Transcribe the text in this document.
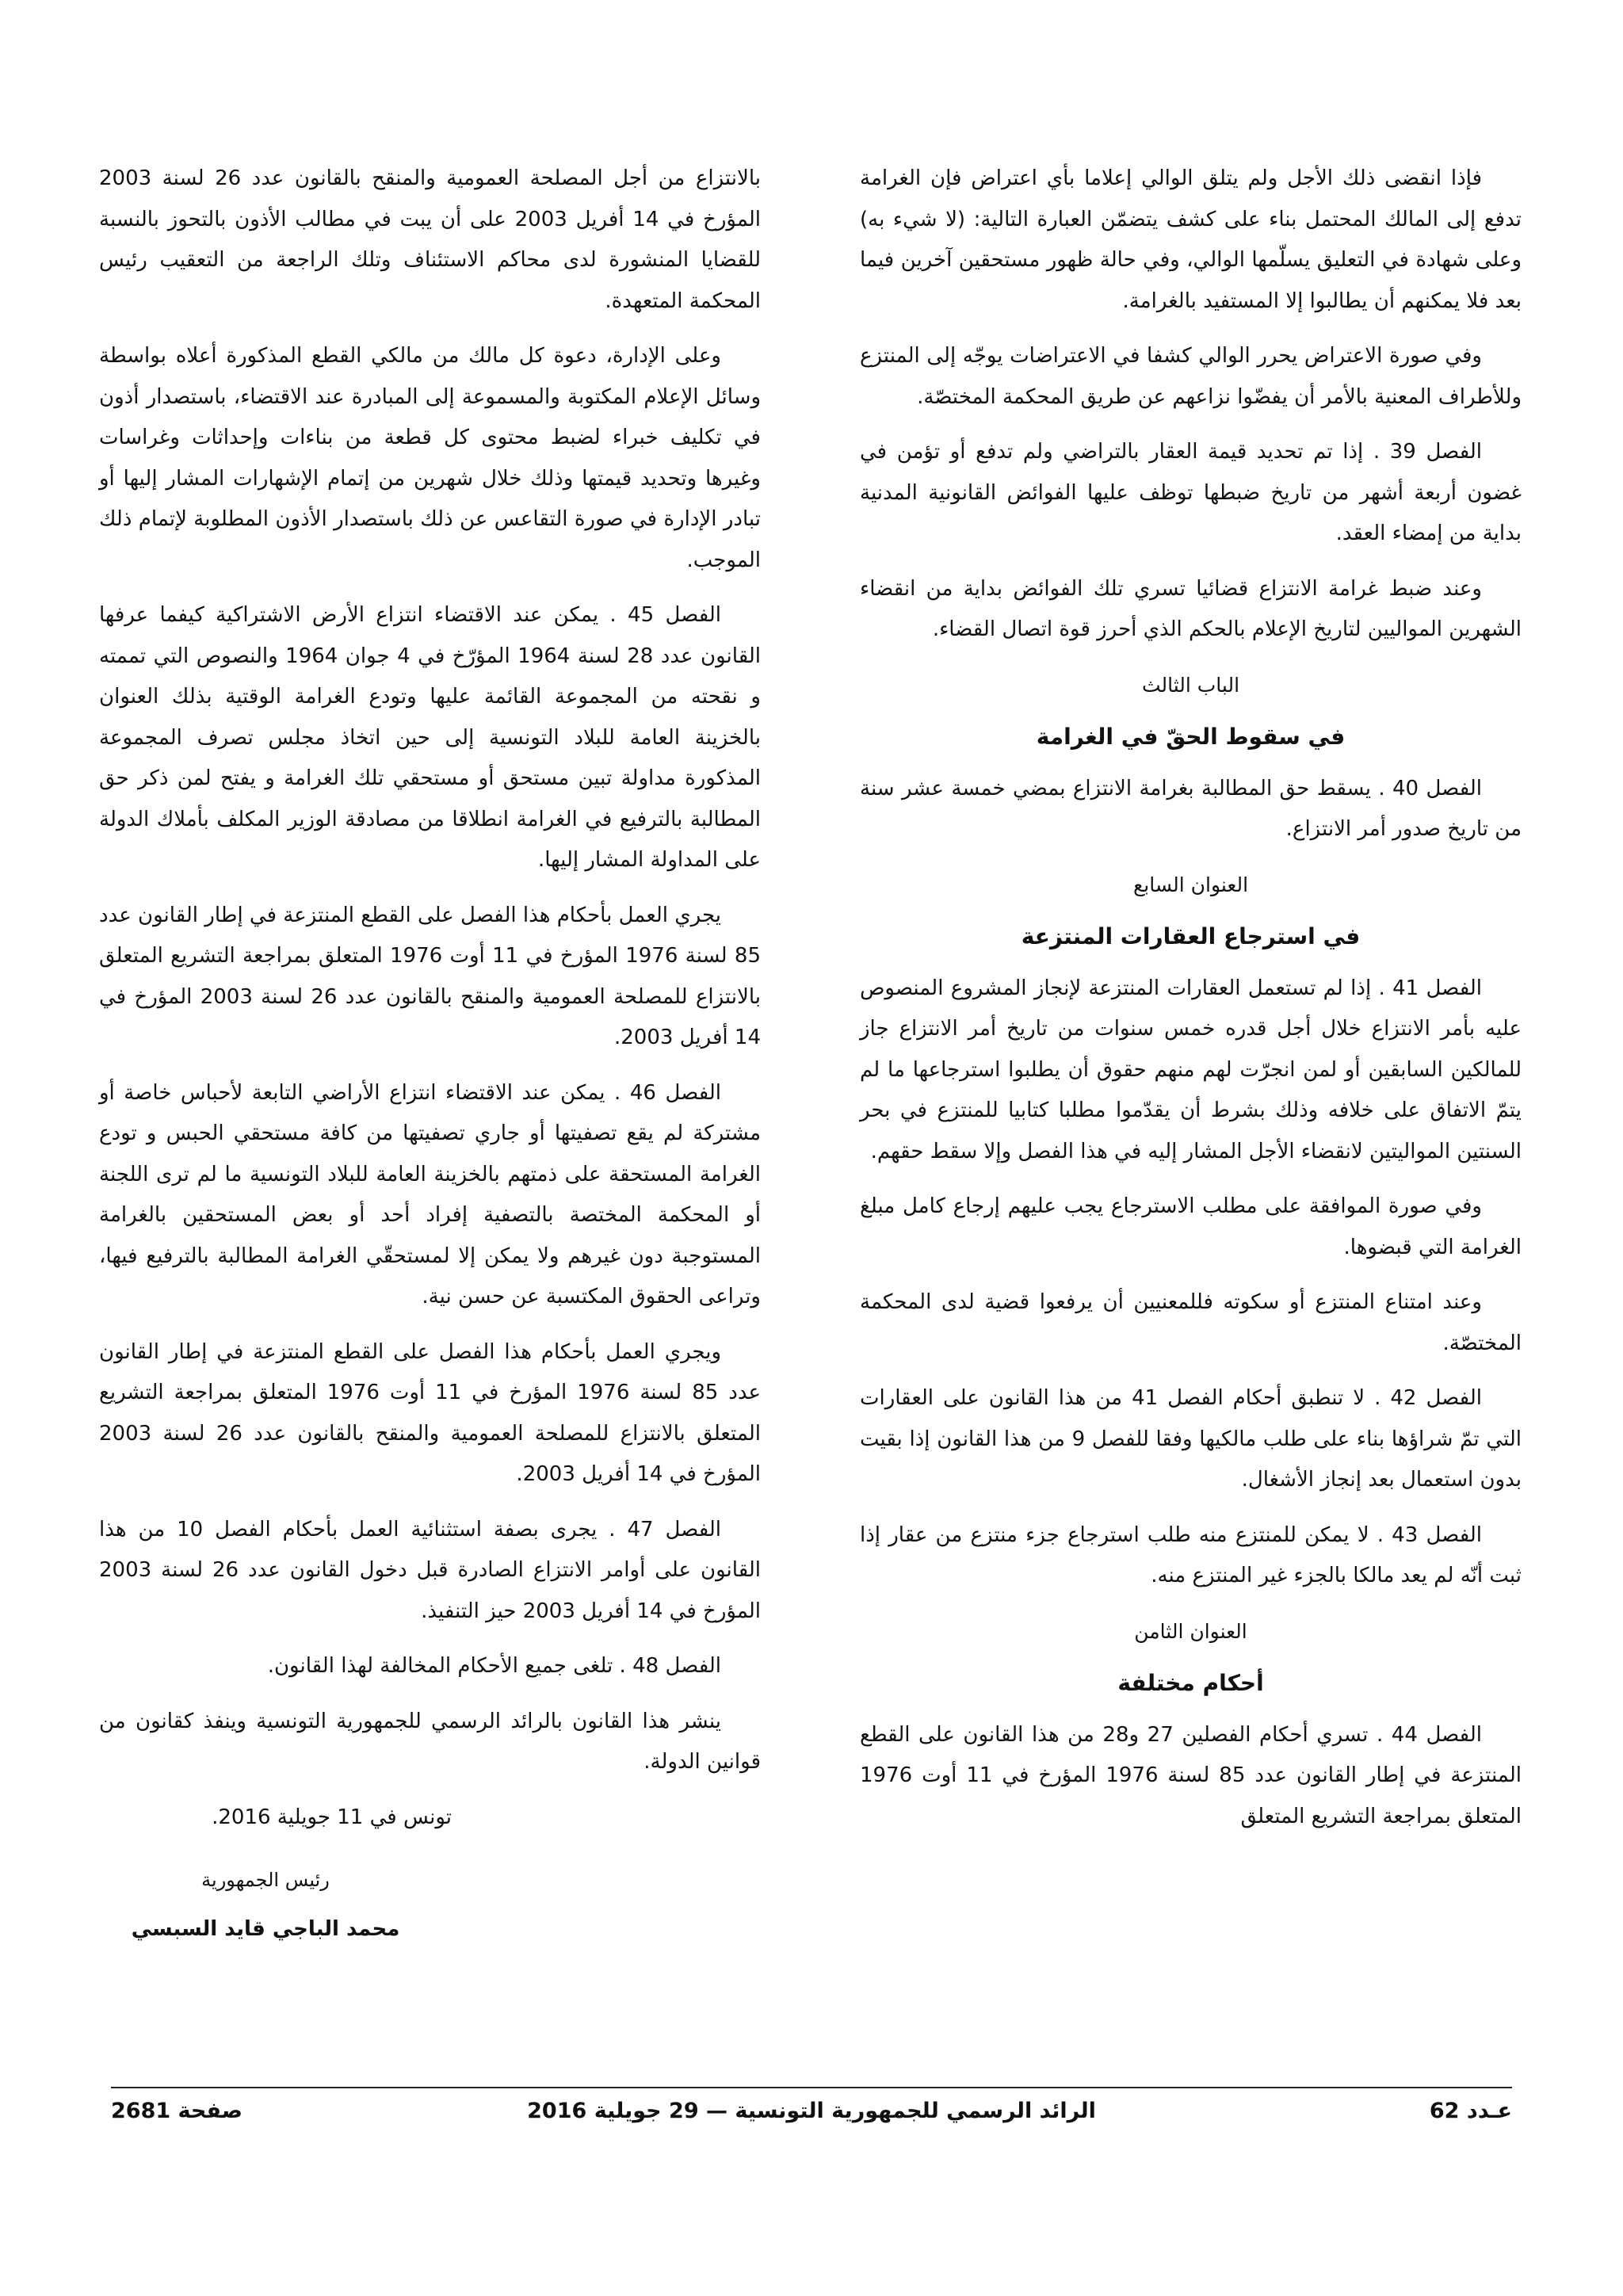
فإذا انقضى ذلك الأجل ولم يتلق الوالي إعلاما بأي اعتراض فإن الغرامة تدفع إلى المالك المحتمل بناء على كشف يتضمّن العبارة التالية: (لا شيء به) وعلى شهادة في التعليق يسلّمها الوالي، وفي حالة ظهور مستحقين آخرين فيما بعد فلا يمكنهم أن يطالبوا إلا المستفيد بالغرامة.

وفي صورة الاعتراض يحرر الوالي كشفا في الاعتراضات يوجّه إلى المنتزع وللأطراف المعنية بالأمر أن يفضّوا نزاعهم عن طريق المحكمة المختصّة.

الفصل 39 . إذا تم تحديد قيمة العقار بالتراضي ولم تدفع أو تؤمن في غضون أربعة أشهر من تاريخ ضبطها توظف عليها الفوائض القانونية المدنية بداية من إمضاء العقد.

وعند ضبط غرامة الانتزاع قضائيا تسري تلك الفوائض بداية من انقضاء الشهرين المواليين لتاريخ الإعلام بالحكم الذي أحرز قوة اتصال القضاء.

الباب الثالث

في سقوط الحقّ في الغرامة

الفصل 40 . يسقط حق المطالبة بغرامة الانتزاع بمضي خمسة عشر سنة من تاريخ صدور أمر الانتزاع.

العنوان السابع

في استرجاع العقارات المنتزعة

الفصل 41 . إذا لم تستعمل العقارات المنتزعة لإنجاز المشروع المنصوص عليه بأمر الانتزاع خلال أجل قدره خمس سنوات من تاريخ أمر الانتزاع جاز للمالكين السابقين أو لمن انجرّت لهم منهم حقوق أن يطلبوا استرجاعها ما لم يتمّ الاتفاق على خلافه وذلك بشرط أن يقدّموا مطلبا كتابيا للمنتزع في بحر السنتين المواليتين لانقضاء الأجل المشار إليه في هذا الفصل وإلا سقط حقهم.

وفي صورة الموافقة على مطلب الاسترجاع يجب عليهم إرجاع كامل مبلغ الغرامة التي قبضوها.

وعند امتناع المنتزع أو سكوته فللمعنيين أن يرفعوا قضية لدى المحكمة المختصّة.

الفصل 42 . لا تنطبق أحكام الفصل 41 من هذا القانون على العقارات التي تمّ شراؤها بناء على طلب مالكيها وفقا للفصل 9 من هذا القانون إذا بقيت بدون استعمال بعد إنجاز الأشغال.

الفصل 43 . لا يمكن للمنتزع منه طلب استرجاع جزء منتزع من عقار إذا ثبت أنّه لم يعد مالكا بالجزء غير المنتزع منه.

العنوان الثامن

أحكام مختلفة

الفصل 44 . تسري أحكام الفصلين 27 و28 من هذا القانون على القطع المنتزعة في إطار القانون عدد 85 لسنة 1976 المؤرخ في 11 أوت 1976 المتعلق بمراجعة التشريع المتعلق

بالانتزاع من أجل المصلحة العمومية والمنقح بالقانون عدد 26 لسنة 2003 المؤرخ في 14 أفريل 2003 على أن يبت في مطالب الأذون بالتحوز بالنسبة للقضايا المنشورة لدى محاكم الاستئناف وتلك الراجعة من التعقيب رئيس المحكمة المتعهدة.

وعلى الإدارة، دعوة كل مالك من مالكي القطع المذكورة أعلاه بواسطة وسائل الإعلام المكتوبة والمسموعة إلى المبادرة عند الاقتضاء، باستصدار أذون في تكليف خبراء لضبط محتوى كل قطعة من بناءات وإحداثات وغراسات وغيرها وتحديد قيمتها وذلك خلال شهرين من إتمام الإشهارات المشار إليها أو تبادر الإدارة في صورة التقاعس عن ذلك باستصدار الأذون المطلوبة لإتمام ذلك الموجب.

الفصل 45 . يمكن عند الاقتضاء انتزاع الأرض الاشتراكية كيفما عرفها القانون عدد 28 لسنة 1964 المؤرّخ في 4 جوان 1964 والنصوص التي تممته و نقحته من المجموعة القائمة عليها وتودع الغرامة الوقتية بذلك العنوان بالخزينة العامة للبلاد التونسية إلى حين اتخاذ مجلس تصرف المجموعة المذكورة مداولة تبين مستحق أو مستحقي تلك الغرامة و يفتح لمن ذكر حق المطالبة بالترفيع في الغرامة انطلاقا من مصادقة الوزير المكلف بأملاك الدولة على المداولة المشار إليها.

يجري العمل بأحكام هذا الفصل على القطع المنتزعة في إطار القانون عدد 85 لسنة 1976 المؤرخ في 11 أوت 1976 المتعلق بمراجعة التشريع المتعلق بالانتزاع للمصلحة العمومية والمنقح بالقانون عدد 26 لسنة 2003 المؤرخ في 14 أفريل 2003.

الفصل 46 . يمكن عند الاقتضاء انتزاع الأراضي التابعة لأحباس خاصة أو مشتركة لم يقع تصفيتها أو جاري تصفيتها من كافة مستحقي الحبس و تودع الغرامة المستحقة على ذمتهم بالخزينة العامة للبلاد التونسية ما لم ترى اللجنة أو المحكمة المختصة بالتصفية إفراد أحد أو بعض المستحقين بالغرامة المستوجبة دون غيرهم ولا يمكن إلا لمستحقّي الغرامة المطالبة بالترفيع فيها، وتراعى الحقوق المكتسبة عن حسن نية.

ويجري العمل بأحكام هذا الفصل على القطع المنتزعة في إطار القانون عدد 85 لسنة 1976 المؤرخ في 11 أوت 1976 المتعلق بمراجعة التشريع المتعلق بالانتزاع للمصلحة العمومية والمنقح بالقانون عدد 26 لسنة 2003 المؤرخ في 14 أفريل 2003.

الفصل 47 . يجرى بصفة استثنائية العمل بأحكام الفصل 10 من هذا القانون على أوامر الانتزاع الصادرة قبل دخول القانون عدد 26 لسنة 2003 المؤرخ في 14 أفريل 2003 حيز التنفيذ.

الفصل 48 . تلغى جميع الأحكام المخالفة لهذا القانون.

ينشر هذا القانون بالرائد الرسمي للجمهورية التونسية وينفذ كقانون من قوانين الدولة.

تونس في 11 جويلية 2016.

رئيس الجمهورية

محمد الباجي قايد السبسي

عـدد 62
الرائد الرسمي للجمهورية التونسية — 29 جويلية 2016
صفحة 2681
